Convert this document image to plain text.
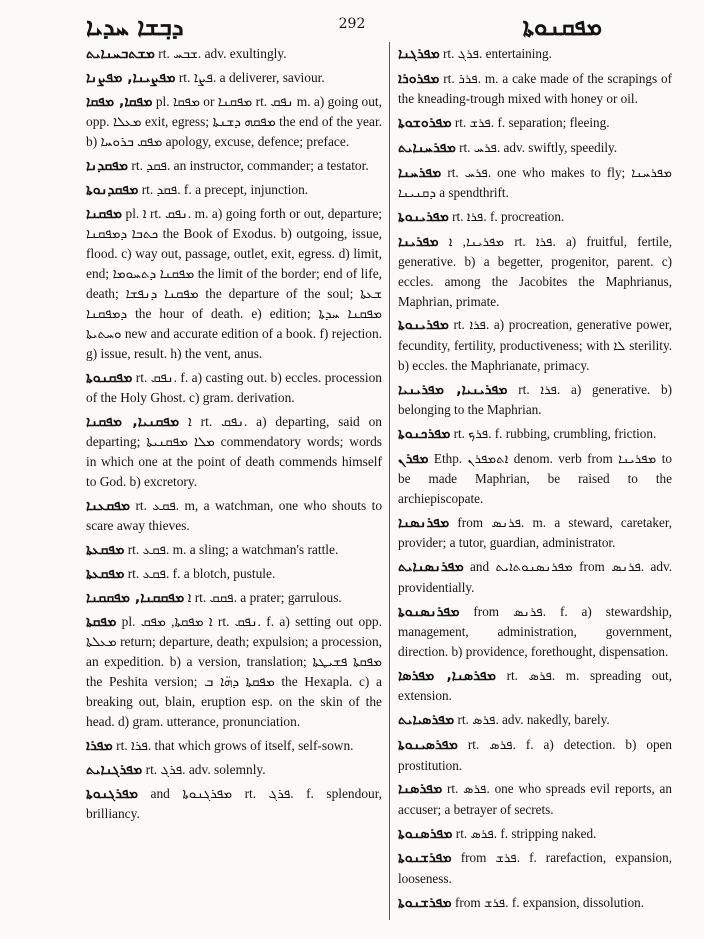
ܕܒ݂ܫܐ ܚܕܝܐ	292	ܡܦܩܢܘܬܐ

ܡܫܬܒܚܢܐܝܬ rt. ܫܒܚ. adv. exultingly.

ܡܦܨܝܢܐ, ܡܦܨܢܐ rt. ܦܨܐ. a deliverer, saviour.

ܡܦܩܐ, ܡܦܩܐ pl. ܡܦܩܐ or ܡܦܩܢܐ rt. ܢܦܩ m. a) going out, opp. ܡܥܠܐ exit, egress; ܡܦܩܗ ܕܫܢܬܐ the end of the year. b) ܡܦܩ ܒܪܘܚܐ apology, excuse, defence; preface.

ܡܦܩܕܢܐ rt. ܦܩܕ. an instructor, commander; a testator.

ܡܦܩܕܢܘܬܐ rt. ܦܩܕ. f. a precept, injunction.

ܡܦܩܢܐ pl. ܐ rt. ܢܦܩ. m. a) going forth or out, departure; ܟܬܒܐ ܕܡܦܩܢܐ the Book of Exodus. b) outgoing, issue, flood. c) way out, passage, outlet, exit, egress. d) limit, end; ܡܦܩܢܐ ܕܬܚܘܡܐ the limit of the border; end of life, death; ܡܦܩܢܐ ܕܢܦܫܐ the departure of the soul; ܫܥܬܐ ܕܡܦܩܢܐ the hour of death. e) edition; ܡܦܩܢܐ ܚܕܬܐ ܘܚܬܝܬܐ new and accurate edition of a book. f) rejection. g) issue, result. h) the vent, anus.

ܡܦܩܢܘܬܐ rt. ܢܦܩ. f. a) casting out. b) eccles. procession of the Holy Ghost. c) gram. derivation.

ܡܦܩܢܝܐ, ܡܦܩܢܐ ܐ rt. ܢܦܩ. a) departing, said on departing; ܡܠܐ ܡܦܩܢܝܬܐ commendatory words; words in which one at the point of death commends himself to God. b) excretory.

ܡܦܩܥܢܐ rt. ܦܩܥ. m, a watchman, one who shouts to scare away thieves.

ܡܦܩܥܬܐ rt. ܦܩܥ. m. a sling; a watchman's rattle.

ܡܦܩܥܬܐ rt. ܦܩܥ. f. a blotch, pustule.

ܡܦܩܩܢܐ, ܡܦܩܩܢܐ ܐ rt. ܦܩܩ. a prater; garrulous.

ܡܦܩܬܐ pl. ܐ ܡܦܩܬܐ, ܡܦܩ rt. ܢܦܩ. f. a) setting out opp. ܡܥܠܬܐ return; departure, death; expulsion; a procession, an expedition. b) a version, translation; ܡܦܩܬܐ ܦܫܝܛܬܐ the Peshita version; ܡܦܩܬܐ ܕܗ̈ܐ ܒ the Hexapla. c) a breaking out, blain, eruption esp. on the skin of the head. d) gram. utterance, pronunciation.

ܡܦܪܐ rt. ܦܪܐ. that which grows of itself, self-sown.

ܡܦܪܓܢܐܝܬ rt. ܦܪܓ. adv. solemnly.

ܡܦܪܓܢܘܬܐ and ܡܦܪܓܢܘܬܐ rt. ܦܪܓ. f. splendour, brilliancy.

ܡܦܪܓܢܐ rt. ܦܪܓ. entertaining.

ܡܦܪܘܪܐ rt. ܦܪܪ. m. a cake made of the scrapings of the kneading-trough mixed with honey or oil.

ܡܦܪܘܫܘܬܐ rt. ܦܪܫ. f. separation; fleeing.

ܡܦܪܚܢܐܝܬ rt. ܦܪܚ. adv. swiftly, speedily.

ܡܦܪܚܢܐ rt. ܦܪܚ. one who makes to fly; ܡܦܪܚܢܐ ܕܩܢܝܢܐ a spendthrift.

ܡܦܪܝܢܘܬܐ rt. ܦܪܐ. f. procreation.

ܡܦܪܝܢܐ ܡܦܪܝܢܐ, ܐ rt. ܦܪܐ. a) fruitful, fertile, generative. b) a begetter, progenitor, parent. c) eccles. among the Jacobites the Maphrianus, Maphrian, primate.

ܡܦܪܝܢܘܬܐ rt. ܦܪܐ. a) procreation, generative power, fecundity, fertility, productiveness; with ܠܐ sterility. b) eccles. the Maphrianate, primacy.

ܡܦܪܝܢܝܐ, ܡܦܪܝܢܝܐ rt. ܦܪܐ. a) generative. b) belonging to the Maphrian.

ܡܦܪܟܢܘܬܐ rt. ܦܪܟ. f. rubbing, crumbling, friction.

ܡܦܪܢ Ethp. ܐܬܡܦܪܢ denom. verb from ܡܦܪܝܢܐ to be made Maphrian, be raised to the archiepiscopate.

ܡܦܪܢܣܢܐ from ܦܪܢܣ. m. a steward, caretaker, provider; a tutor, guardian, administrator.

ܡܦܪܢܣܢܐܝܬ and ܡܦܪܢܣܢܘܬܐܝܬ from ܦܪܢܣ. adv. providentially.

ܡܦܪܢܣܢܘܬܐ from ܦܪܢܣ. f. a) stewardship, management, administration, government, direction. b) providence, forethought, dispensation.

ܡܦܪܣܢܐ, ܡܦܪܣܐ rt. ܦܪܣ. m. spreading out, extension.

ܡܦܪܣܝܐܝܬ rt. ܦܪܣ. adv. nakedly, barely.

ܡܦܪܣܝܢܘܬܐ rt. ܦܪܣ. f. a) detection. b) open prostitution.

ܡܦܪܣܢܐ rt. ܦܪܣ. one who spreads evil reports, an accuser; a betrayer of secrets.

ܡܦܪܣܢܘܬܐ rt. ܦܪܣ. f. stripping naked.

ܡܦܪܫܢܘܬܐ from ܦܪܫ. f. rarefaction, expansion, looseness.

ܡܦܪܫܢܘܬܐ from ܦܪܫ. f. expansion, dissolution.
